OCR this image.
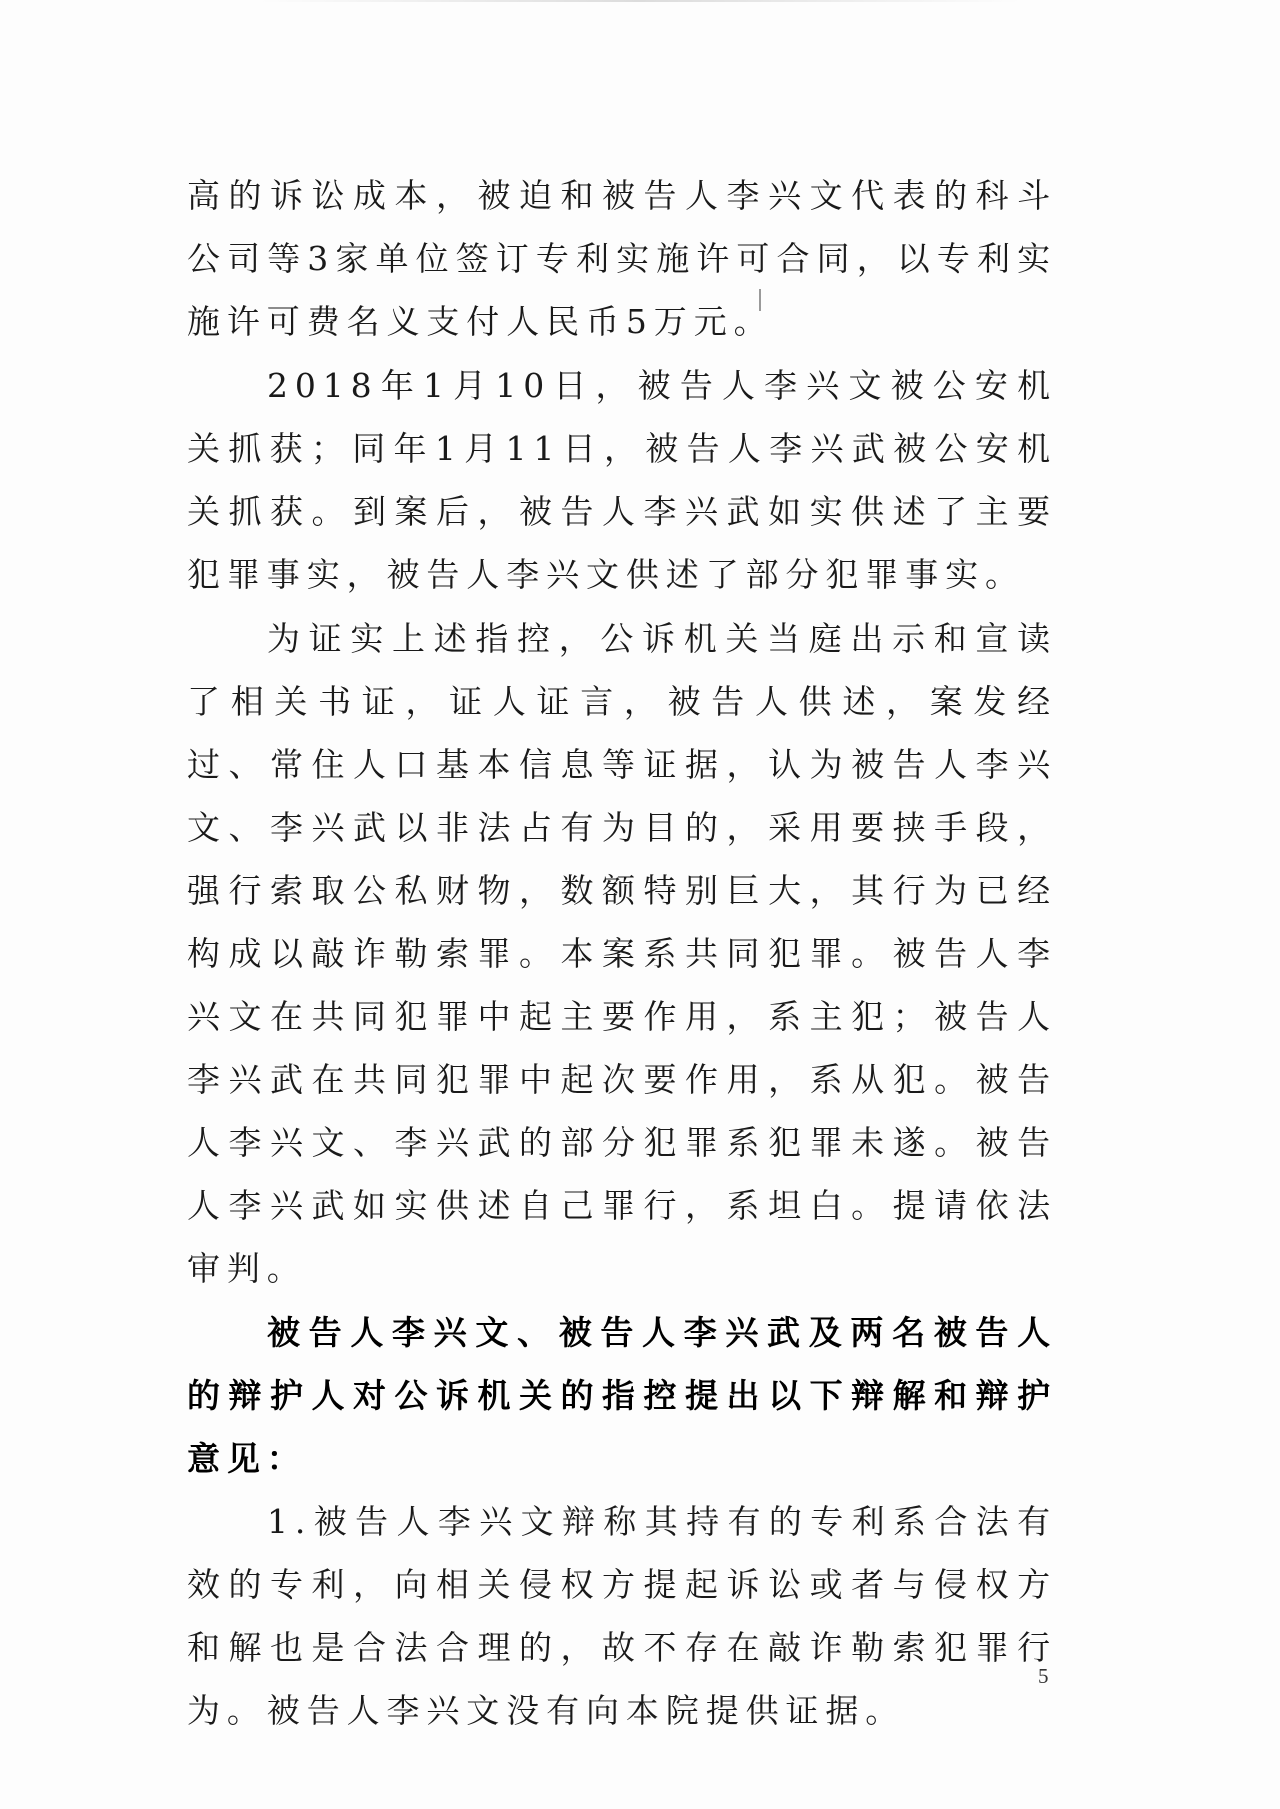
高的诉讼成本，被迫和被告人李兴文代表的科斗公司等3家单位签订专利实施许可合同，以专利实施许可费名义支付人民币5万元。

2018年1月10日，被告人李兴文被公安机关抓获；同年1月11日，被告人李兴武被公安机关抓获。到案后，被告人李兴武如实供述了主要犯罪事实，被告人李兴文供述了部分犯罪事实。

为证实上述指控，公诉机关当庭出示和宣读了相关书证，证人证言，被告人供述，案发经过、常住人口基本信息等证据，认为被告人李兴文、李兴武以非法占有为目的，采用要挟手段，强行索取公私财物，数额特别巨大，其行为已经构成以敲诈勒索罪。本案系共同犯罪。被告人李兴文在共同犯罪中起主要作用，系主犯；被告人李兴武在共同犯罪中起次要作用，系从犯。被告人李兴文、李兴武的部分犯罪系犯罪未遂。被告人李兴武如实供述自己罪行，系坦白。提请依法审判。

被告人李兴文、被告人李兴武及两名被告人的辩护人对公诉机关的指控提出以下辩解和辩护意见：

1.被告人李兴文辩称其持有的专利系合法有效的专利，向相关侵权方提起诉讼或者与侵权方和解也是合法合理的，故不存在敲诈勒索犯罪行为。被告人李兴文没有向本院提供证据。

5
